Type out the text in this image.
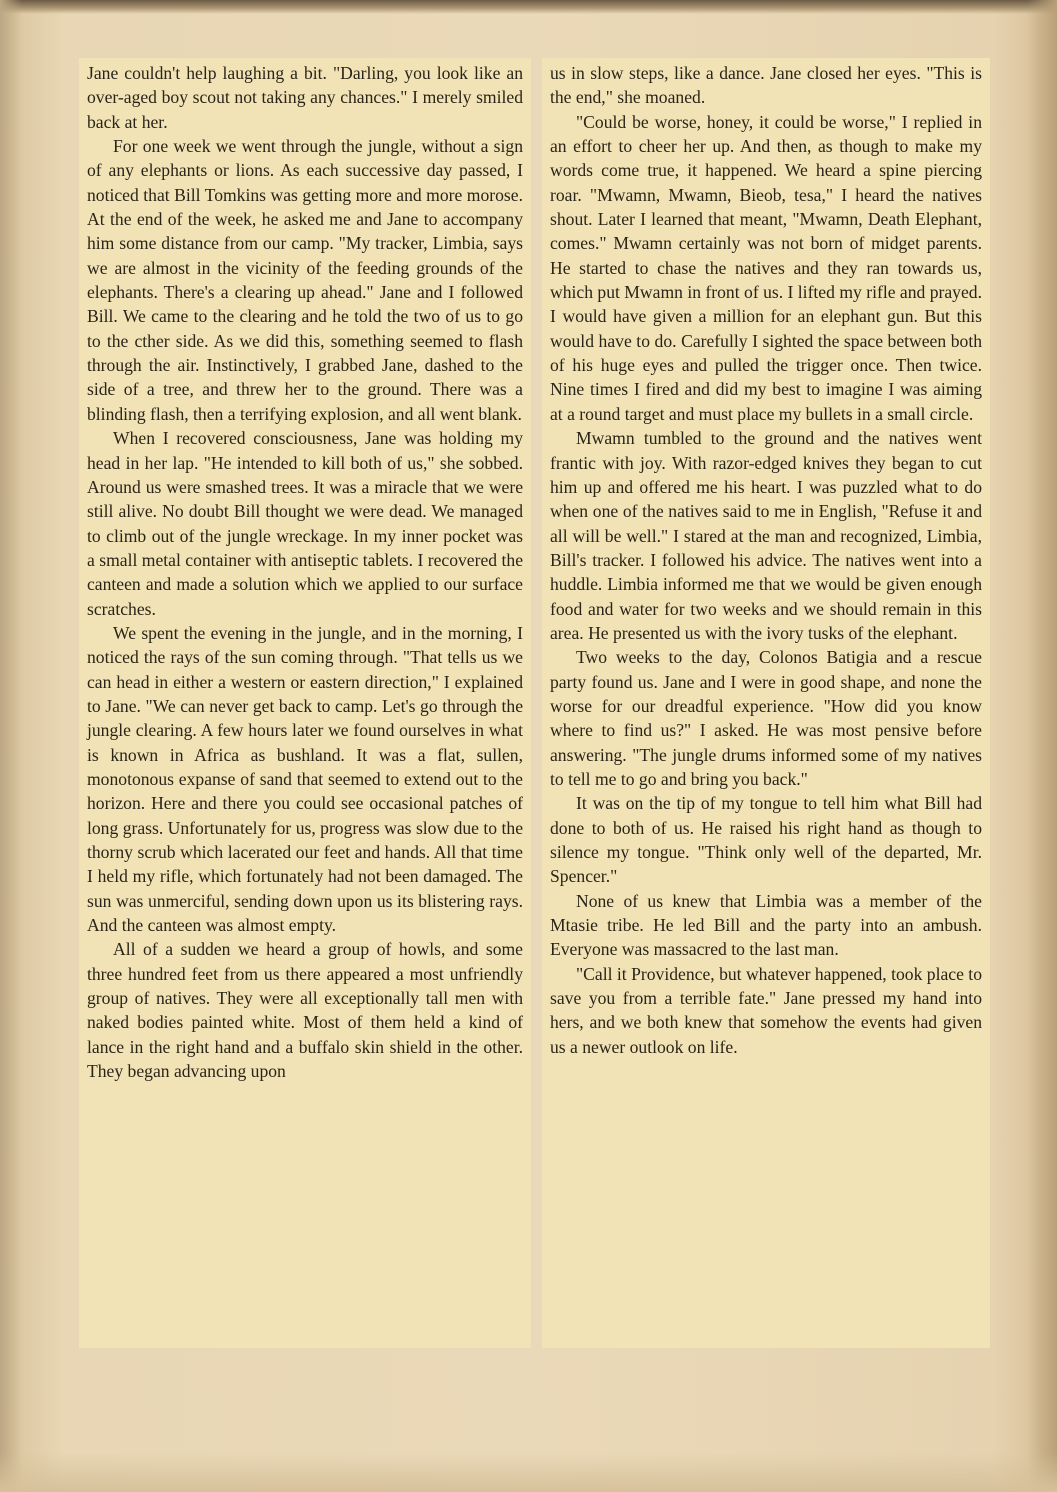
Jane couldn't help laughing a bit. "Darling, you look like an over-aged boy scout not taking any chances." I merely smiled back at her.

For one week we went through the jungle, without a sign of any elephants or lions. As each successive day passed, I noticed that Bill Tomkins was getting more and more morose. At the end of the week, he asked me and Jane to accompany him some distance from our camp. "My tracker, Limbia, says we are almost in the vicinity of the feeding grounds of the elephants. There's a clearing up ahead." Jane and I followed Bill. We came to the clearing and he told the two of us to go to the cther side. As we did this, something seemed to flash through the air. Instinctively, I grabbed Jane, dashed to the side of a tree, and threw her to the ground. There was a blinding flash, then a terrifying explosion, and all went blank.

When I recovered consciousness, Jane was holding my head in her lap. "He intended to kill both of us," she sobbed. Around us were smashed trees. It was a miracle that we were still alive. No doubt Bill thought we were dead. We managed to climb out of the jungle wreckage. In my inner pocket was a small metal container with antiseptic tablets. I recovered the canteen and made a solution which we applied to our surface scratches.

We spent the evening in the jungle, and in the morning, I noticed the rays of the sun coming through. "That tells us we can head in either a western or eastern direction," I explained to Jane. "We can never get back to camp. Let's go through the jungle clearing. A few hours later we found ourselves in what is known in Africa as bushland. It was a flat, sullen, monotonous expanse of sand that seemed to extend out to the horizon. Here and there you could see occasional patches of long grass. Unfortunately for us, progress was slow due to the thorny scrub which lacerated our feet and hands. All that time I held my rifle, which fortunately had not been damaged. The sun was unmerciful, sending down upon us its blistering rays. And the canteen was almost empty.

All of a sudden we heard a group of howls, and some three hundred feet from us there appeared a most unfriendly group of natives. They were all exceptionally tall men with naked bodies painted white. Most of them held a kind of lance in the right hand and a buffalo skin shield in the other. They began advancing upon

us in slow steps, like a dance. Jane closed her eyes. "This is the end," she moaned.

"Could be worse, honey, it could be worse," I replied in an effort to cheer her up. And then, as though to make my words come true, it happened. We heard a spine piercing roar. "Mwamn, Mwamn, Bieob, tesa," I heard the natives shout. Later I learned that meant, "Mwamn, Death Elephant, comes." Mwamn certainly was not born of midget parents. He started to chase the natives and they ran towards us, which put Mwamn in front of us. I lifted my rifle and prayed. I would have given a million for an elephant gun. But this would have to do. Carefully I sighted the space between both of his huge eyes and pulled the trigger once. Then twice. Nine times I fired and did my best to imagine I was aiming at a round target and must place my bullets in a small circle.

Mwamn tumbled to the ground and the natives went frantic with joy. With razor-edged knives they began to cut him up and offered me his heart. I was puzzled what to do when one of the natives said to me in English, "Refuse it and all will be well." I stared at the man and recognized, Limbia, Bill's tracker. I followed his advice. The natives went into a huddle. Limbia informed me that we would be given enough food and water for two weeks and we should remain in this area. He presented us with the ivory tusks of the elephant.

Two weeks to the day, Colonos Batigia and a rescue party found us. Jane and I were in good shape, and none the worse for our dreadful experience. "How did you know where to find us?" I asked. He was most pensive before answering. "The jungle drums informed some of my natives to tell me to go and bring you back."

It was on the tip of my tongue to tell him what Bill had done to both of us. He raised his right hand as though to silence my tongue. "Think only well of the departed, Mr. Spencer."

None of us knew that Limbia was a member of the Mtasie tribe. He led Bill and the party into an ambush. Everyone was massacred to the last man.

"Call it Providence, but whatever happened, took place to save you from a terrible fate." Jane pressed my hand into hers, and we both knew that somehow the events had given us a newer outlook on life.
